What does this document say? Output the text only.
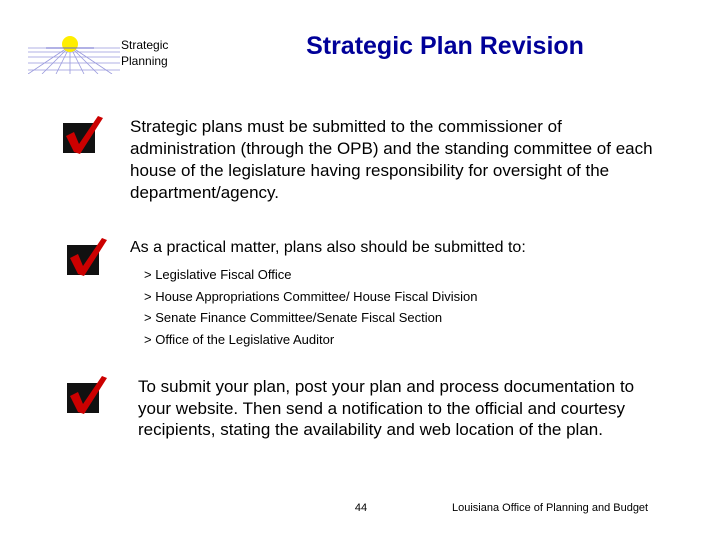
Strategic
Planning
Strategic Plan Revision
Strategic plans must be submitted to the commissioner of administration (through the OPB) and the standing committee of each house of the legislature having responsibility for oversight of the department/agency.
As a practical matter, plans also should be submitted to:
> Legislative Fiscal Office
> House Appropriations Committee/ House Fiscal Division
> Senate Finance Committee/Senate Fiscal Section
> Office of the Legislative Auditor
To submit your plan, post your plan and process documentation to your website. Then send a notification to the official and courtesy recipients, stating the availability and web location of the plan.
44	Louisiana Office of Planning and Budget
